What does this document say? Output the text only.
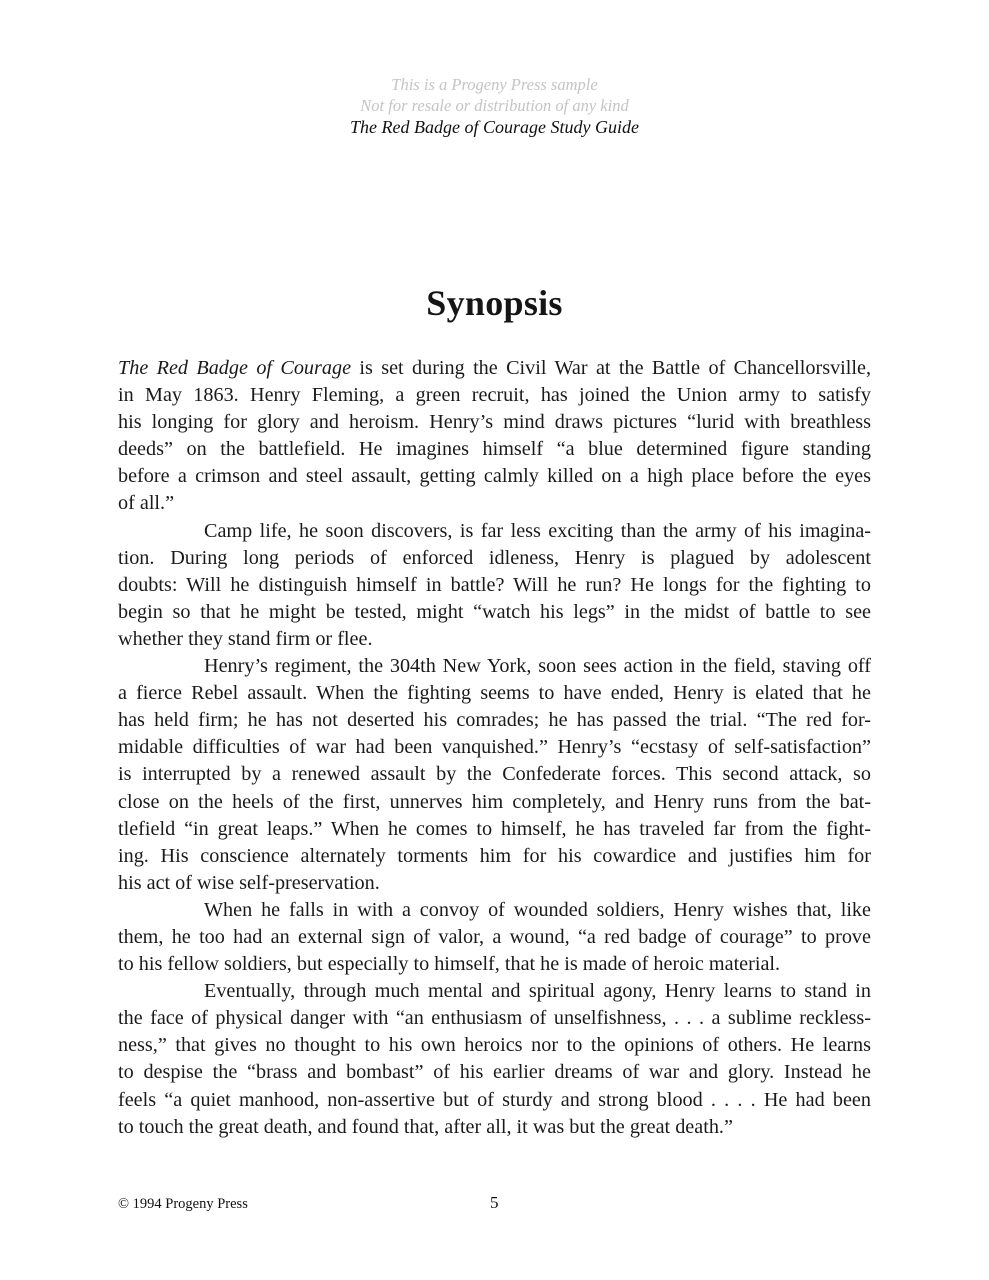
This is a Progeny Press sample
Not for resale or distribution of any kind
The Red Badge of Courage Study Guide
Synopsis
The Red Badge of Courage is set during the Civil War at the Battle of Chancellorsville,
in May 1863. Henry Fleming, a green recruit, has joined the Union army to satisfy
his longing for glory and heroism. Henry’s mind draws pictures “lurid with breathless
deeds” on the battlefield. He imagines himself “a blue determined figure standing
before a crimson and steel assault, getting calmly killed on a high place before the eyes
of all.”
Camp life, he soon discovers, is far less exciting than the army of his imagina-
tion. During long periods of enforced idleness, Henry is plagued by adolescent
doubts: Will he distinguish himself in battle? Will he run? He longs for the fighting to
begin so that he might be tested, might “watch his legs” in the midst of battle to see
whether they stand firm or flee.
Henry’s regiment, the 304th New York, soon sees action in the field, staving off
a fierce Rebel assault. When the fighting seems to have ended, Henry is elated that he
has held firm; he has not deserted his comrades; he has passed the trial. “The red for-
midable difficulties of war had been vanquished.” Henry’s “ecstasy of self-satisfaction”
is interrupted by a renewed assault by the Confederate forces. This second attack, so
close on the heels of the first, unnerves him completely, and Henry runs from the bat-
tlefield “in great leaps.” When he comes to himself, he has traveled far from the fight-
ing. His conscience alternately torments him for his cowardice and justifies him for
his act of wise self-preservation.
When he falls in with a convoy of wounded soldiers, Henry wishes that, like
them, he too had an external sign of valor, a wound, “a red badge of courage” to prove
to his fellow soldiers, but especially to himself, that he is made of heroic material.
Eventually, through much mental and spiritual agony, Henry learns to stand in
the face of physical danger with “an enthusiasm of unselfishness, . . . a sublime reckless-
ness,” that gives no thought to his own heroics nor to the opinions of others. He learns
to despise the “brass and bombast” of his earlier dreams of war and glory. Instead he
feels “a quiet manhood, non-assertive but of sturdy and strong blood . . . . He had been
to touch the great death, and found that, after all, it was but the great death.”
© 1994 Progeny Press	5
